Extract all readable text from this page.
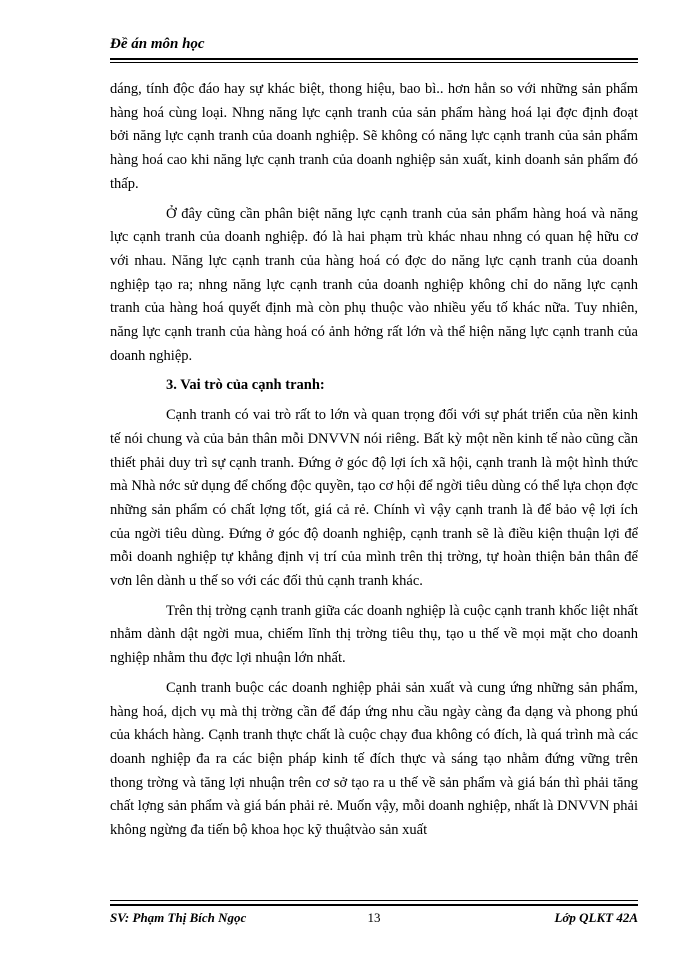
Đề án môn học

dáng, tính độc đáo hay sự khác biệt, thong hiệu, bao bì.. hơn hẳn so với những sản phẩm hàng hoá cùng loại. Nhng năng lực cạnh tranh của sản phẩm hàng hoá lại đợc định đoạt bởi năng lực cạnh tranh của doanh nghiệp. Sẽ không có năng lực cạnh tranh của sản phẩm hàng hoá cao khi năng lực cạnh tranh của doanh nghiệp sản xuất, kinh doanh sản phẩm đó thấp.

Ở đây cũng cần phân biệt năng lực cạnh tranh của sản phẩm hàng hoá và năng lực cạnh tranh của doanh nghiệp. đó là hai phạm trù khác nhau nhng có quan hệ hữu cơ với nhau. Năng lực cạnh tranh của hàng hoá có đợc do năng lực cạnh tranh của doanh nghiệp tạo ra; nhng năng lực cạnh tranh của doanh nghiệp không chỉ do năng lực cạnh tranh của hàng hoá quyết định mà còn phụ thuộc vào nhiều yếu tố khác nữa. Tuy nhiên, năng lực cạnh tranh của hàng hoá có ảnh hởng rất lớn và thể hiện năng lực cạnh tranh của doanh nghiệp.

3. Vai trò của cạnh tranh:

Cạnh tranh có vai trò rất to lớn và quan trọng đối với sự phát triển của nền kinh tế nói chung và của bản thân mỗi DNVVN nói riêng. Bất kỳ một nền kinh tế nào cũng cần thiết phải duy trì sự cạnh tranh. Đứng ở góc độ lợi ích xã hội, cạnh tranh là một hình thức mà Nhà nớc sử dụng để chống độc quyền, tạo cơ hội để ngời tiêu dùng có thể lựa chọn đợc những sản phẩm có chất lợng tốt, giá cả rẻ. Chính vì vậy cạnh tranh là để bảo vệ lợi ích của ngời tiêu dùng. Đứng ở góc độ doanh nghiệp, cạnh tranh sẽ là điều kiện thuận lợi để mỗi doanh nghiệp tự khẳng định vị trí của mình trên thị trờng, tự hoàn thiện bản thân để vơn lên dành u thế so với các đối thủ cạnh tranh khác.

Trên thị trờng cạnh tranh giữa các doanh nghiệp là cuộc cạnh tranh khốc liệt nhất nhằm dành dật ngời mua, chiếm lĩnh thị trờng tiêu thụ, tạo u thế về mọi mặt cho doanh nghiệp nhằm thu đợc lợi nhuận lớn nhất.

Cạnh tranh buộc các doanh nghiệp phải sản xuất và cung ứng những sản phẩm, hàng hoá, dịch vụ mà thị trờng cần để đáp ứng nhu cầu ngày càng đa dạng và phong phú của khách hàng. Cạnh tranh thực chất là cuộc chạy đua không có đích, là quá trình mà các doanh nghiệp đa ra các biện pháp kinh tế đích thực và sáng tạo nhằm đứng vững trên thong trờng và tăng lợi nhuận trên cơ sở tạo ra u thế về sản phẩm và giá bán thì phải tăng chất lợng sản phẩm và giá bán phải rẻ. Muốn vậy, mỗi doanh nghiệp, nhất là DNVVN phải không ngừng đa tiến bộ khoa học kỹ thuậtvào sản xuất

SV: Phạm Thị Bích Ngọc	13	Lớp QLKT 42A
